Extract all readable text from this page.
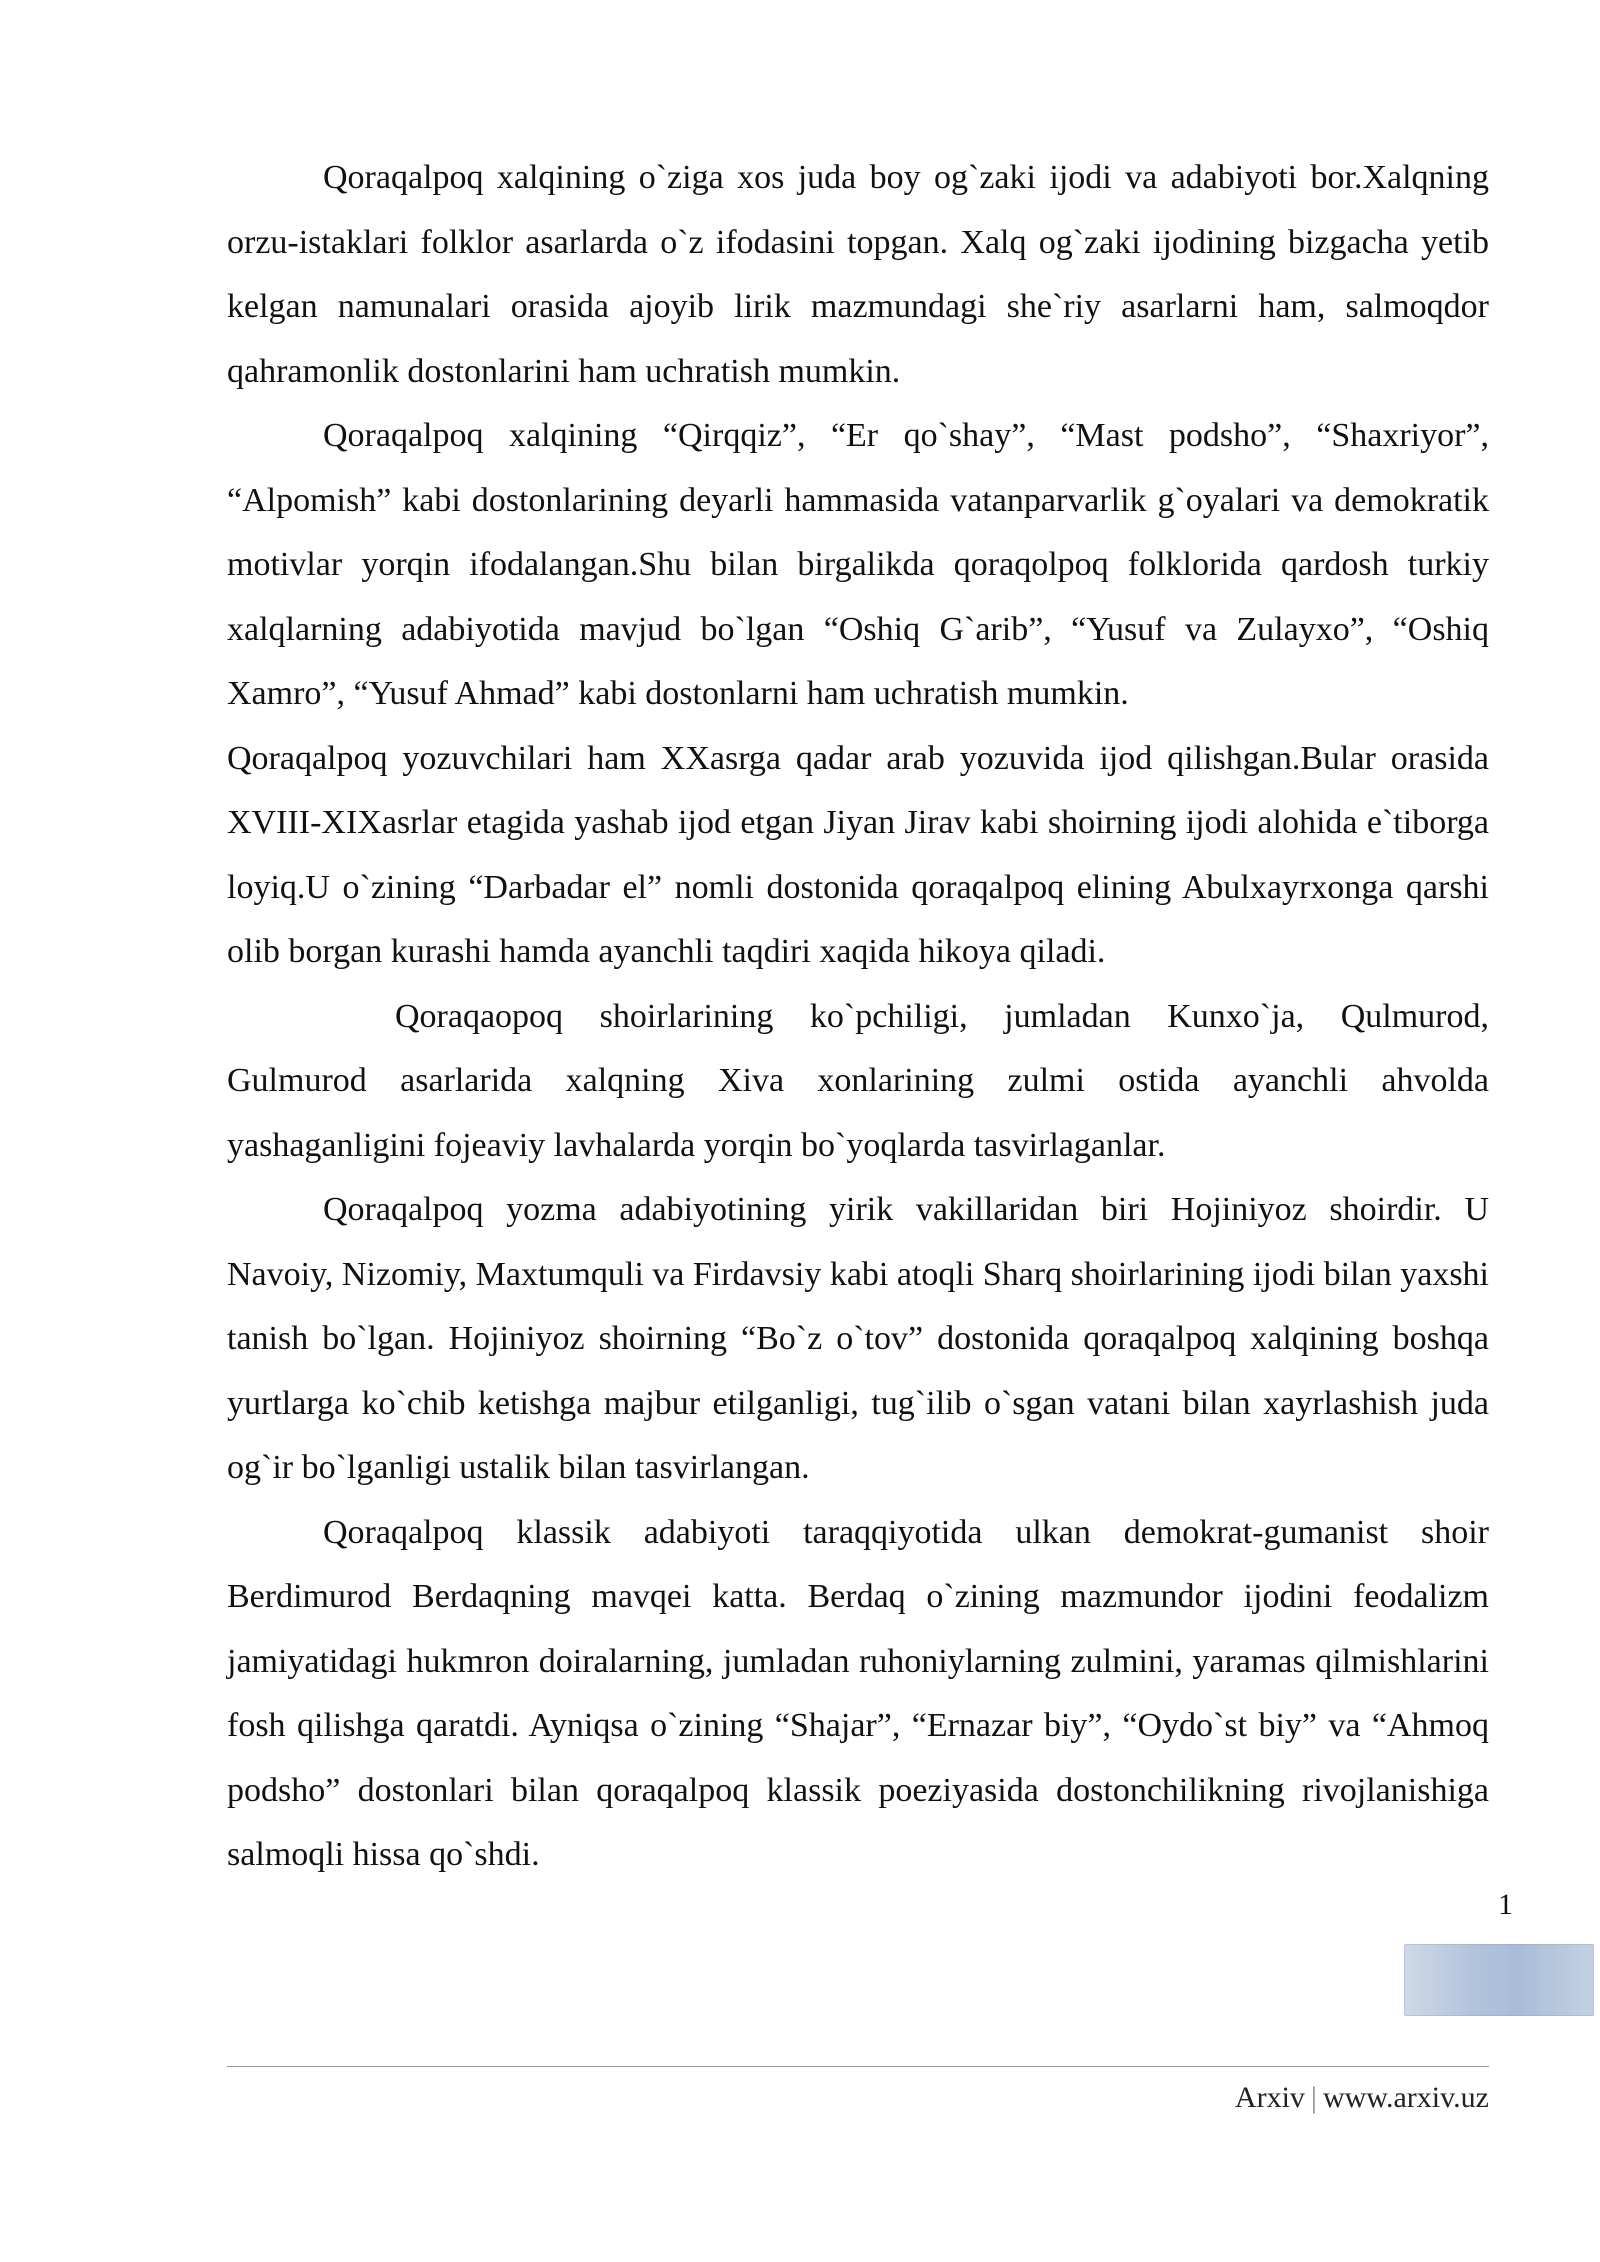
Qoraqalpoq xalqining o`ziga xos juda boy og`zaki ijodi va adabiyoti bor.Xalqning orzu-istaklari folklor asarlarda o`z ifodasini topgan. Xalq og`zaki ijodining bizgacha yetib kelgan namunalari orasida ajoyib lirik mazmundagi she`riy asarlarni ham, salmoqdor qahramonlik dostonlarini ham uchratish mumkin.

Qoraqalpoq xalqining “Qirqqiz”, “Er qo`shay”, “Mast podsho”, “Shaxriyor”, “Alpomish” kabi dostonlarining deyarli hammasida vatanparvarlik g`oyalari va demokratik motivlar yorqin ifodalangan.Shu bilan birgalikda qoraqolpoq folklorida qardosh turkiy xalqlarning adabiyotida mavjud bo`lgan “Oshiq G`arib”, “Yusuf va Zulayxo”, “Oshiq Xamro”, “Yusuf Ahmad” kabi dostonlarni ham uchratish mumkin.

Qoraqalpoq yozuvchilari ham XXasrga qadar arab yozuvida ijod qilishgan.Bular orasida XVIII-XIXasrlar etagida yashab ijod etgan Jiyan Jirav kabi shoirning ijodi alohida e`tiborga loyiq.U o`zining “Darbadar el” nomli dostonida qoraqalpoq elining Abulxayrxonga qarshi olib borgan kurashi hamda ayanchli taqdiri xaqida hikoya qiladi.

Qoraqaopoq shoirlarining ko`pchiligi, jumladan Kunxo`ja, Qulmurod, Gulmurod asarlarida xalqning Xiva xonlarining zulmi ostida ayanchli ahvolda yashaganligini fojeaviy lavhalarda yorqin bo`yoqlarda tasvirlaganlar.

Qoraqalpoq yozma adabiyotining yirik vakillaridan biri Hojiniyoz shoirdir. U Navoiy, Nizomiy, Maxtumquli va Firdavsiy kabi atoqli Sharq shoirlarining ijodi bilan yaxshi tanish bo`lgan. Hojiniyoz shoirning “Bo`z o`tov” dostonida qoraqalpoq xalqining boshqa yurtlarga ko`chib ketishga majbur etilganligi, tug`ilib o`sgan vatani bilan xayrlashish juda og`ir bo`lganligi ustalik bilan tasvirlangan.

Qoraqalpoq klassik adabiyoti taraqqiyotida ulkan demokrat-gumanist shoir Berdimurod Berdaqning mavqei katta. Berdaq o`zining mazmundor ijodini feodalizm jamiyatidagi hukmron doiralarning, jumladan ruhoniylarning zulmini, yaramas qilmishlarini fosh qilishga qaratdi. Ayniqsa o`zining “Shajar”, “Ernazar biy”, “Oydo`st biy” va “Ahmoq podsho” dostonlari bilan qoraqalpoq klassik poeziyasida dostonchilikning rivojlanishiga salmoqli hissa qo`shdi.

1
Arxiv | www.arxiv.uz
